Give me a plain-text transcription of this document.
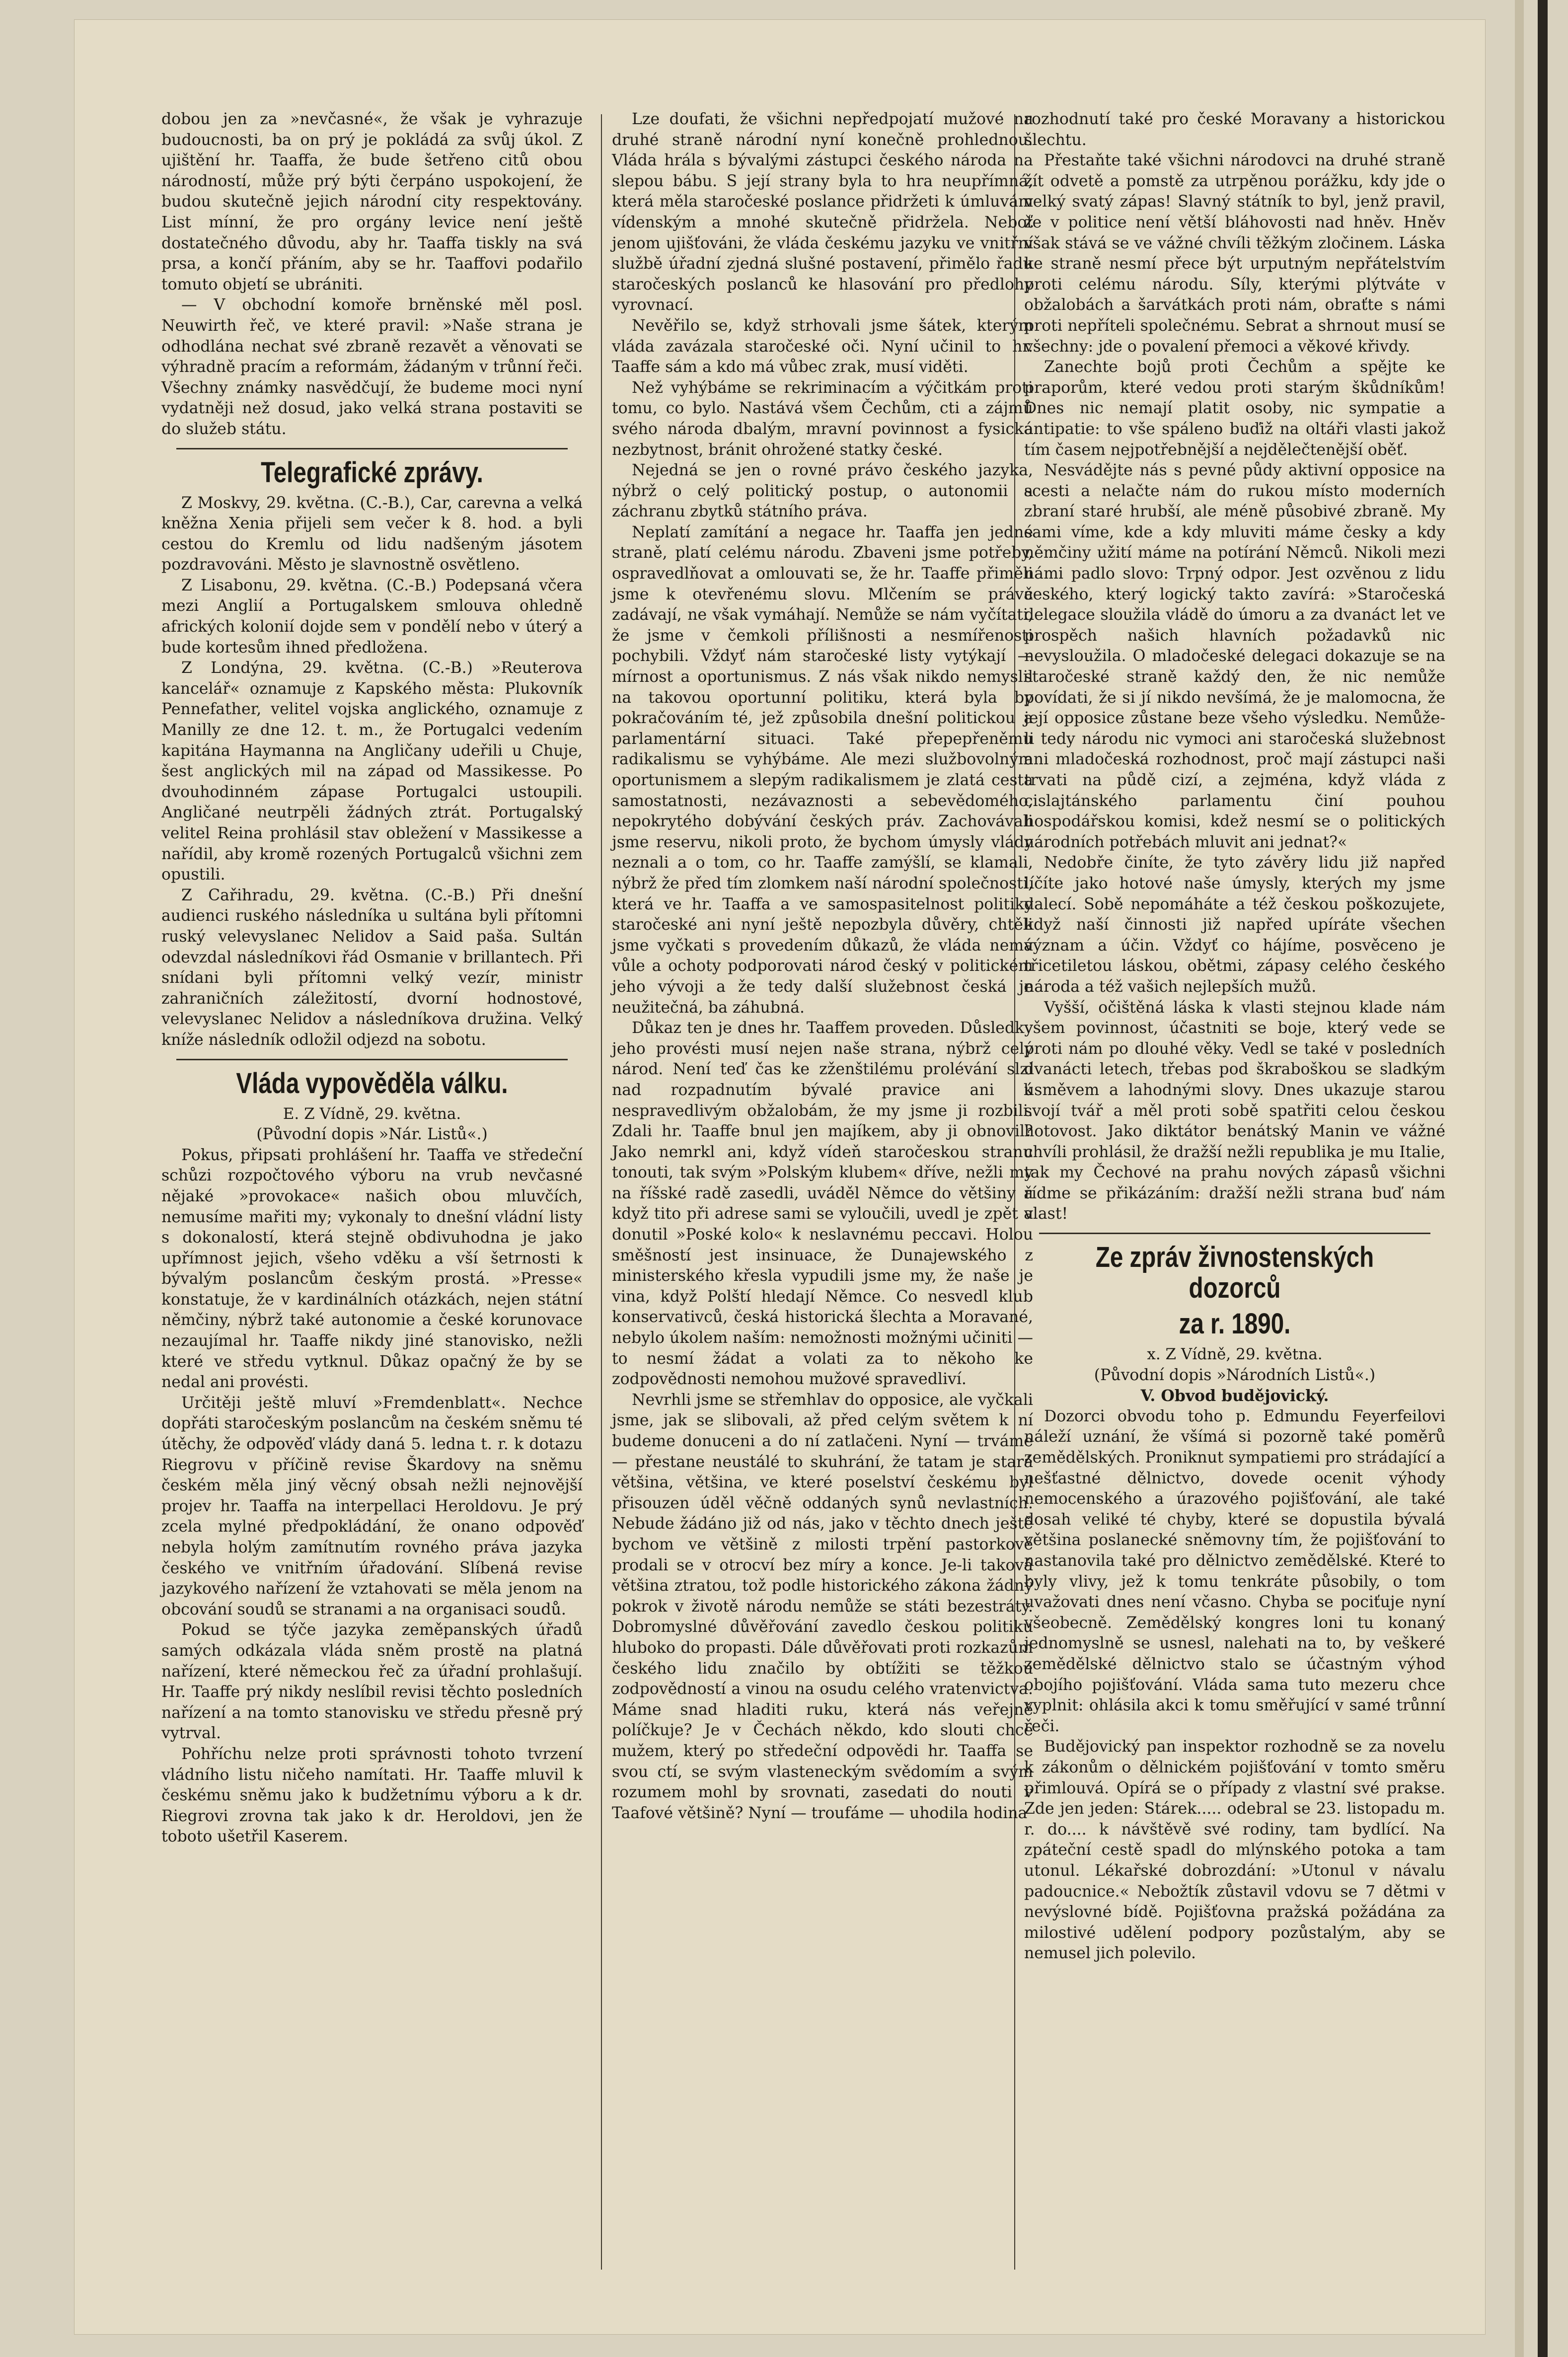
dobou jen za »nevčasné«, že však je vyhrazuje budoucnosti, ba on prý je pokládá za svůj úkol. Z ujištění hr. Taaffa, že bude šetřeno citů obou národností, může prý býti čerpáno uspokojení, že budou skutečně jejich národní city respektovány. List mínní, že pro orgány levice není ještě dostatečného důvodu, aby hr. Taaffa tiskly na svá prsa, a končí přáním, aby se hr. Taaffovi podařilo tomuto objetí se ubrániti.

— V obchodní komoře brněnské měl posl. Neuwirth řeč, ve které pravil: »Naše strana je odhodlána nechat své zbraně rezavět a věnovati se výhradně pracím a reformám, žádaným v trůnní řeči. Všechny známky nasvědčují, že budeme moci nyní vydatněji než dosud, jako velká strana postaviti se do služeb státu.

Telegrafické zprávy.

Z Moskvy, 29. května. (C.-B.), Car, carevna a velká kněžna Xenia přijeli sem večer k 8. hod. a byli cestou do Kremlu od lidu nadšeným jásotem pozdravováni. Město je slavnostně osvětleno.

Z Lisabonu, 29. května. (C.-B.) Podepsaná včera mezi Anglií a Portugalskem smlouva ohledně afrických kolonií dojde sem v pondělí nebo v úterý a bude kortesům ihned předložena.

Z Londýna, 29. května. (C.-B.) »Reuterova kancelář« oznamuje z Kapského města: Plukovník Pennefather, velitel vojska anglického, oznamuje z Manilly ze dne 12. t. m., že Portugalci vedením kapitána Haymanna na Angličany udeřili u Chuje, šest anglických mil na západ od Massikesse. Po dvouhodinném zápase Portugalci ustoupili. Angličané neutrpěli žádných ztrát. Portugalský velitel Reina prohlásil stav obležení v Massikesse a nařídil, aby kromě rozených Portugalců všichni zem opustili.

Z Cařihradu, 29. května. (C.-B.) Při dnešní audienci ruského následníka u sultána byli přítomni ruský velevyslanec Nelidov a Said paša. Sultán odevzdal následníkovi řád Osmanie v brillantech. Při snídani byli přítomni velký vezír, ministr zahraničních záležitostí, dvorní hodnostové, velevyslanec Nelidov a následníkova družina. Velký kníže následník odložil odjezd na sobotu.

Vláda vypověděla válku.

E. Z Vídně, 29. května.

(Původní dopis »Nár. Listů«.)

Pokus, připsati prohlášení hr. Taaffa ve středeční schůzi rozpočtového výboru na vrub nevčasné nějaké »provokace« našich obou mluvčích, nemusíme mařiti my; vykonaly to dnešní vládní listy s dokonalostí, která stejně obdivuhodna je jako upřímnost jejich, všeho vděku a vší šetrnosti k bývalým poslancům českým prostá. »Presse« konstatuje, že v kardinálních otázkách, nejen státní němčiny, nýbrž také autonomie a české korunovace nezaujímal hr. Taaffe nikdy jiné stanovisko, nežli které ve středu vytknul. Důkaz opačný že by se nedal ani provésti.

Určitěji ještě mluví »Fremdenblatt«. Nechce dopřáti staročeským poslancům na českém sněmu té útěchy, že odpověď vlády daná 5. ledna t. r. k dotazu Riegrovu v příčině revise Škardovy na sněmu českém měla jiný věcný obsah nežli nejnovější projev hr. Taaffa na interpellaci Heroldovu. Je prý zcela mylné předpokládání, že onano odpověď nebyla holým zamítnutím rovného práva jazyka českého ve vnitřním úřadování. Slíbená revise jazykového nařízení že vztahovati se měla jenom na obcování soudů se stranami a na organisaci soudů.

Pokud se týče jazyka zeměpanských úřadů samých odkázala vláda sněm prostě na platná nařízení, které německou řeč za úřadní prohlašují. Hr. Taaffe prý nikdy neslíbil revisi těchto posledních nařízení a na tomto stanovisku ve středu přesně prý vytrval.

Pohříchu nelze proti správnosti tohoto tvrzení vládního listu ničeho namítati. Hr. Taaffe mluvil k českému sněmu jako k budžetnímu výboru a k dr. Riegrovi zrovna tak jako k dr. Heroldovi, jen že toboto ušetřil Kaserem.

Lze doufati, že všichni nepředpojatí mužové na druhé straně národní nyní konečně prohlednou. Vláda hrála s bývalými zástupci českého národa na slepou bábu. S její strany byla to hra neupřímná, která měla staročeské poslance přidržeti k úmluvám vídenským a mnohé skutečně přidržela. Neboť jenom ujišťováni, že vláda českému jazyku ve vnitřní službě úřadní zjedná slušné postavení, přimělo řadu staročeských poslanců ke hlasování pro předlohy vyrovnací.

Nevěřilo se, když strhovali jsme šátek, kterým vláda zavázala staročeské oči. Nyní učinil to hr. Taaffe sám a kdo má vůbec zrak, musí viděti.

Než vyhýbáme se rekriminacím a výčitkám proti tomu, co bylo. Nastává všem Čechům, cti a zájmů svého národa dbalým, mravní povinnost a fysická nezbytnost, bránit ohrožené statky české.

Nejedná se jen o rovné právo českého jazyka, nýbrž o celý politický postup, o autonomii a záchranu zbytků státního práva.

Neplatí zamítání a negace hr. Taaffa jen jedné straně, platí celému národu. Zbaveni jsme potřeby, ospravedlňovat a omlouvati se, že hr. Taaffe přiměli jsme k otevřenému slovu. Mlčením se práva zadávají, ne však vymáhají. Nemůže se nám vyčítati, že jsme v čemkoli přílišnosti a nesmířenosti pochybili. Vždyť nám staročeské listy vytýkají — mírnost a oportunismus. Z nás však nikdo nemyslil na takovou oportunní politiku, která byla by pokračováním té, jež způsobila dnešní politickou a parlamentární situaci. Také přepepřeněmu radikalismu se vyhýbáme. Ale mezi službovolným oportunismem a slepým radikalismem je zlatá cesta samostatnosti, nezávaznosti a sebevědomého, nepokrytého dobývání českých práv. Zachovávali jsme reservu, nikoli proto, že bychom úmysly vlády neznali a o tom, co hr. Taaffe zamýšlí, se klamali, nýbrž že před tím zlomkem naší národní společnosti, která ve hr. Taaffa a ve samospasitelnost politiky staročeské ani nyní ještě nepozbyla důvěry, chtěli jsme vyčkati s provedením důkazů, že vláda nemá vůle a ochoty podporovati národ český v politickém jeho vývoji a že tedy další služebnost česká je neužitečná, ba záhubná.

Důkaz ten je dnes hr. Taaffem proveden. Důsledky jeho provésti musí nejen naše strana, nýbrž celý národ. Není teď čas ke zženštilému prolévání slzí nad rozpadnutím bývalé pravice ani k nespravedlivým obžalobám, že my jsme ji rozbili. Zdali hr. Taaffe bnul jen majíkem, aby ji obnovil? Jako nemrkl ani, když vídeň staročeskou stranu tonouti, tak svým »Polským klubem« dříve, nežli my na říšské radě zasedli, uváděl Němce do většiny a když tito při adrese sami se vyloučili, uvedl je zpět a donutil »Poské kolo« k neslavnému peccavi. Holou směšností jest insinuace, že Dunajewského z ministerského křesla vypudili jsme my, že naše je vina, když Polští hledají Němce. Co nesvedl klub konservativců, česká historická šlechta a Moravané, nebylo úkolem naším: nemožnosti možnými učiniti — to nesmí žádat a volati za to někoho ke zodpovědnosti nemohou mužové spravedliví.

Nevrhli jsme se střemhlav do opposice, ale vyčkali jsme, jak se slibovali, až před celým světem k ní budeme donuceni a do ní zatlačeni. Nyní — trváme — přestane neustálé to skuhrání, že tatam je stará většina, většina, ve které poselství českému byl přisouzen úděl věčně oddaných synů nevlastních. Nebude žádáno již od nás, jako v těchto dnech ještě bychom ve většině z milosti trpění pastorkové prodali se v otrocví bez míry a konce. Je-li taková většina ztratou, tož podle historického zákona žádný pokrok v životě národu nemůže se státi bezestráty. Dobromyslné důvěřování zavedlo českou politiku hluboko do propasti. Dále důvěřovati proti rozkazům českého lidu značilo by obtížiti se těžkou zodpovědností a vinou na osudu celého vratenvictva. Máme snad hladiti ruku, která nás veřejně políčkuje? Je v Čechách někdo, kdo slouti chce mužem, který po středeční odpovědi hr. Taaffa se svou ctí, se svým vlasteneckým svědomím a svým rozumem mohl by srovnati, zasedati do nouti v Taafové většině? Nyní — troufáme — uhodila hodina

rozhodnutí také pro české Moravany a historickou šlechtu.

Přestaňte také všichni národovci na druhé straně žít odvetě a pomstě za utrpěnou porážku, kdy jde o velký svatý zápas! Slavný státník to byl, jenž pravil, že v politice není větší bláhovosti nad hněv. Hněv však stává se ve vážné chvíli těžkým zločinem. Láska ke straně nesmí přece být urputným nepřátelstvím proti celému národu. Síly, kterými plýtváte v obžalobách a šarvátkách proti nám, obraťte s námi proti nepříteli společnému. Sebrat a shrnout musí se všechny: jde o povalení přemoci a věkové křivdy.

Zanechte bojů proti Čechům a spějte ke praporům, které vedou proti starým škůdníkům! Dnes nic nemají platit osoby, nic sympatie a antipatie: to vše spáleno buďiž na oltáři vlasti jakož tím časem nejpotřebnější a nejdělečtenější oběť.

Nesvádějte nás s pevné půdy aktivní opposice na scesti a nelačte nám do rukou místo moderních zbraní staré hrubší, ale méně působivé zbraně. My sami víme, kde a kdy mluviti máme česky a kdy němčiny užití máme na potírání Němců. Nikoli mezi námi padlo slovo: Trpný odpor. Jest ozvěnou z lidu českého, který logický takto zavírá: »Staročeská delegace sloužila vládě do úmoru a za dvanáct let ve prospěch našich hlavních požadavků nic nevysloužila. O mladočeské delegaci dokazuje se na staročeské straně každý den, že nic nemůže povídati, že si jí nikdo nevšímá, že je malomocna, že její opposice zůstane beze všeho výsledku. Nemůže-li tedy národu nic vymoci ani staročeská služebnost ani mladočeská rozhodnost, proč mají zástupci naši trvati na půdě cizí, a zejména, když vláda z cislajtánského parlamentu činí pouhou hospodářskou komisi, kdež nesmí se o politických národních potřebách mluvit ani jednat?«

Nedobře činíte, že tyto závěry lidu již napřed líčíte jako hotové naše úmysly, kterých my jsme dalecí. Sobě nepomáháte a též českou poškozujete, když naší činnosti již napřed upíráte všechen význam a účin. Vždyť co hájíme, posvěceno je třicetiletou láskou, obětmi, zápasy celého českého národa a též vašich nejlepších mužů.

Vyšší, očištěná láska k vlasti stejnou klade nám všem povinnost, účastniti se boje, který vede se proti nám po dlouhé věky. Vedl se také v posledních dvanácti letech, třebas pod škraboškou se sladkým úsměvem a lahodnými slovy. Dnes ukazuje starou svojí tvář a měl proti sobě spatřiti celou českou hotovost. Jako diktátor benátský Manin ve vážné chvíli prohlásil, že dražší nežli republika je mu Italie, tak my Čechové na prahu nových zápasů všichni řídme se přikázáním: dražší nežli strana buď nám vlast!

Ze zpráv živnostenských dozorců
za r. 1890.

x. Z Vídně, 29. května.

(Původní dopis »Národních Listů«.)

V. Obvod budějovický.

Dozorci obvodu toho p. Edmundu Feyerfeilovi náleží uznání, že všímá si pozorně také poměrů zemědělských. Proniknut sympatiemi pro strádající a nešťastné dělnictvo, dovede ocenit výhody nemocenského a úrazového pojišťování, ale také dosah veliké té chyby, které se dopustila bývalá většina poslanecké sněmovny tím, že pojišťování to nastanovila také pro dělnictvo zemědělské. Které to byly vlivy, jež k tomu tenkráte působily, o tom uvažovati dnes není včasno. Chyba se pociťuje nyní všeobecně. Zemědělský kongres loni tu konaný jednomyslně se usnesl, nalehati na to, by veškeré zemědělské dělnictvo stalo se účastným výhod obojího pojišťování. Vláda sama tuto mezeru chce vyplnit: ohlásila akci k tomu směřující v samé trůnní řeči.

Budějovický pan inspektor rozhodně se za novelu k zákonům o dělnickém pojišťování v tomto směru přimlouvá. Opírá se o případy z vlastní své prakse. Zde jen jeden: Stárek..... odebral se 23. listopadu m. r. do.... k návštěvě své rodiny, tam bydlící. Na zpáteční cestě spadl do mlýnského potoka a tam utonul. Lékařské dobrozdání: »Utonul v návalu padoucnice.« Nebožtík zůstavil vdovu se 7 dětmi v nevýslovné bídě. Pojišťovna pražská požádána za milostivé udělení podpory pozůstalým, aby se nemusel jich polevilo.
